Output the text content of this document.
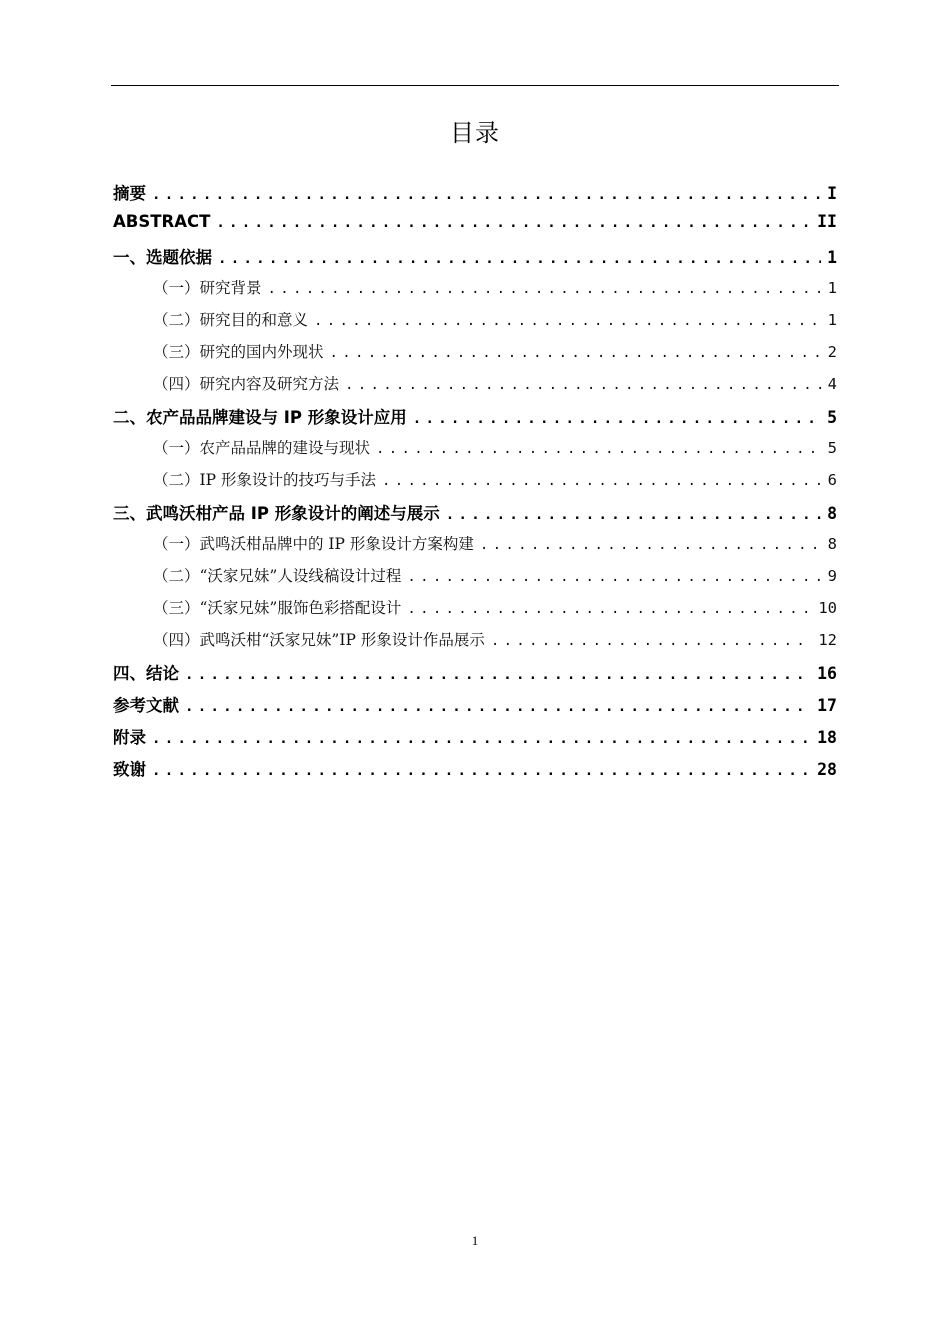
目录
摘要 .....	I
ABSTRACT .....	II
一、选题依据 .....	1
（一）研究背景 .....	1
（二）研究目的和意义 .....	1
（三）研究的国内外现状 .....	2
（四）研究内容及研究方法 .....	4
二、农产品品牌建设与 IP 形象设计应用 .....	5
（一）农产品品牌的建设与现状 .....	5
（二）IP 形象设计的技巧与手法 .....	6
三、武鸣沃柑产品 IP 形象设计的阐述与展示 .....	8
（一）武鸣沃柑品牌中的 IP 形象设计方案构建 .....	8
（二）“沃家兄妹”人设线稿设计过程 .....	9
（三）“沃家兄妹”服饰色彩搭配设计 .....	10
（四）武鸣沃柑“沃家兄妹”IP 形象设计作品展示 .....	12
四、结论 .....	16
参考文献 .....	17
附录 .....	18
致谢 .....	28
1
